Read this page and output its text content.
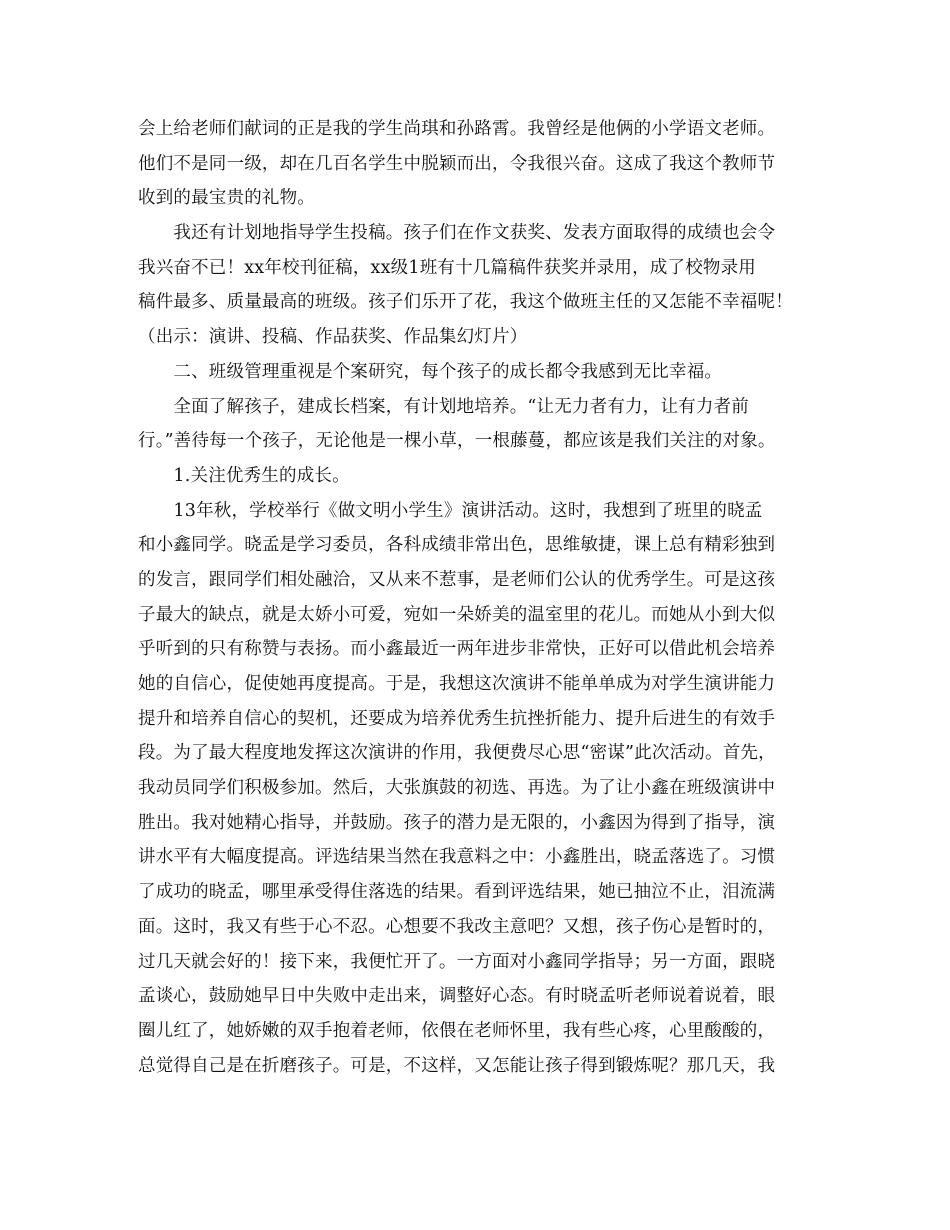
会上给老师们献词的正是我的学生尚琪和孙路霄。我曾经是他俩的小学语文老师。
他们不是同一级，却在几百名学生中脱颖而出，令我很兴奋。这成了我这个教师节
收到的最宝贵的礼物。
　　我还有计划地指导学生投稿。孩子们在作文获奖、发表方面取得的成绩也会令
我兴奋不已！xx年校刊征稿，xx级1班有十几篇稿件获奖并录用，成了校物录用
稿件最多、质量最高的班级。孩子们乐开了花，我这个做班主任的又怎能不幸福呢！
（出示：演讲、投稿、作品获奖、作品集幻灯片）
　　二、班级管理重视是个案研究，每个孩子的成长都令我感到无比幸福。
　　全面了解孩子，建成长档案，有计划地培养。“让无力者有力，让有力者前
行。”善待每一个孩子，无论他是一棵小草，一根藤蔓，都应该是我们关注的对象。
　　1.关注优秀生的成长。
　　13年秋，学校举行《做文明小学生》演讲活动。这时，我想到了班里的晓孟
和小鑫同学。晓孟是学习委员，各科成绩非常出色，思维敏捷，课上总有精彩独到
的发言，跟同学们相处融洽，又从来不惹事，是老师们公认的优秀学生。可是这孩
子最大的缺点，就是太娇小可爱，宛如一朵娇美的温室里的花儿。而她从小到大似
乎听到的只有称赞与表扬。而小鑫最近一两年进步非常快，正好可以借此机会培养
她的自信心，促使她再度提高。于是，我想这次演讲不能单单成为对学生演讲能力
提升和培养自信心的契机，还要成为培养优秀生抗挫折能力、提升后进生的有效手
段。为了最大程度地发挥这次演讲的作用，我便费尽心思“密谋”此次活动。首先，
我动员同学们积极参加。然后，大张旗鼓的初选、再选。为了让小鑫在班级演讲中
胜出。我对她精心指导，并鼓励。孩子的潜力是无限的，小鑫因为得到了指导，演
讲水平有大幅度提高。评选结果当然在我意料之中：小鑫胜出，晓孟落选了。习惯
了成功的晓孟，哪里承受得住落选的结果。看到评选结果，她已抽泣不止，泪流满
面。这时，我又有些于心不忍。心想要不我改主意吧？又想，孩子伤心是暂时的，
过几天就会好的！接下来，我便忙开了。一方面对小鑫同学指导；另一方面，跟晓
孟谈心，鼓励她早日中失败中走出来，调整好心态。有时晓孟听老师说着说着，眼
圈儿红了，她娇嫩的双手抱着老师，依偎在老师怀里，我有些心疼，心里酸酸的，
总觉得自己是在折磨孩子。可是，不这样，又怎能让孩子得到锻炼呢？那几天，我
